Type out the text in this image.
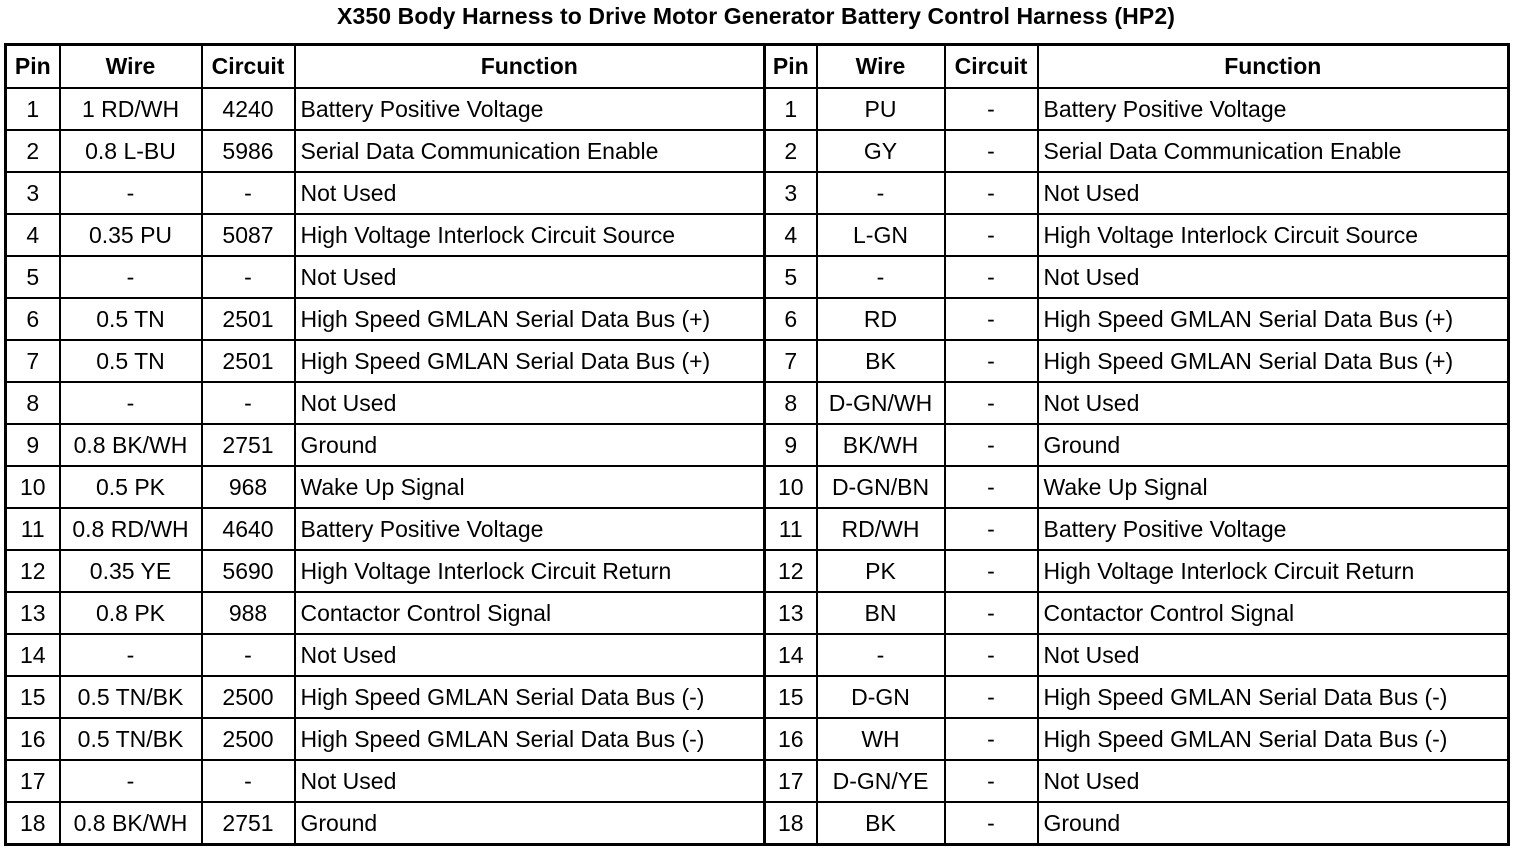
X350 Body Harness to Drive Motor Generator Battery Control Harness (HP2)
Pin	Wire	Circuit	Function	Pin	Wire	Circuit	Function
1	1 RD/WH	4240	Battery Positive Voltage	1	PU	-	Battery Positive Voltage
2	0.8 L-BU	5986	Serial Data Communication Enable	2	GY	-	Serial Data Communication Enable
3	-	-	Not Used	3	-	-	Not Used
4	0.35 PU	5087	High Voltage Interlock Circuit Source	4	L-GN	-	High Voltage Interlock Circuit Source
5	-	-	Not Used	5	-	-	Not Used
6	0.5 TN	2501	High Speed GMLAN Serial Data Bus (+)	6	RD	-	High Speed GMLAN Serial Data Bus (+)
7	0.5 TN	2501	High Speed GMLAN Serial Data Bus (+)	7	BK	-	High Speed GMLAN Serial Data Bus (+)
8	-	-	Not Used	8	D-GN/WH	-	Not Used
9	0.8 BK/WH	2751	Ground	9	BK/WH	-	Ground
10	0.5 PK	968	Wake Up Signal	10	D-GN/BN	-	Wake Up Signal
11	0.8 RD/WH	4640	Battery Positive Voltage	11	RD/WH	-	Battery Positive Voltage
12	0.35 YE	5690	High Voltage Interlock Circuit Return	12	PK	-	High Voltage Interlock Circuit Return
13	0.8 PK	988	Contactor Control Signal	13	BN	-	Contactor Control Signal
14	-	-	Not Used	14	-	-	Not Used
15	0.5 TN/BK	2500	High Speed GMLAN Serial Data Bus (-)	15	D-GN	-	High Speed GMLAN Serial Data Bus (-)
16	0.5 TN/BK	2500	High Speed GMLAN Serial Data Bus (-)	16	WH	-	High Speed GMLAN Serial Data Bus (-)
17	-	-	Not Used	17	D-GN/YE	-	Not Used
18	0.8 BK/WH	2751	Ground	18	BK	-	Ground
